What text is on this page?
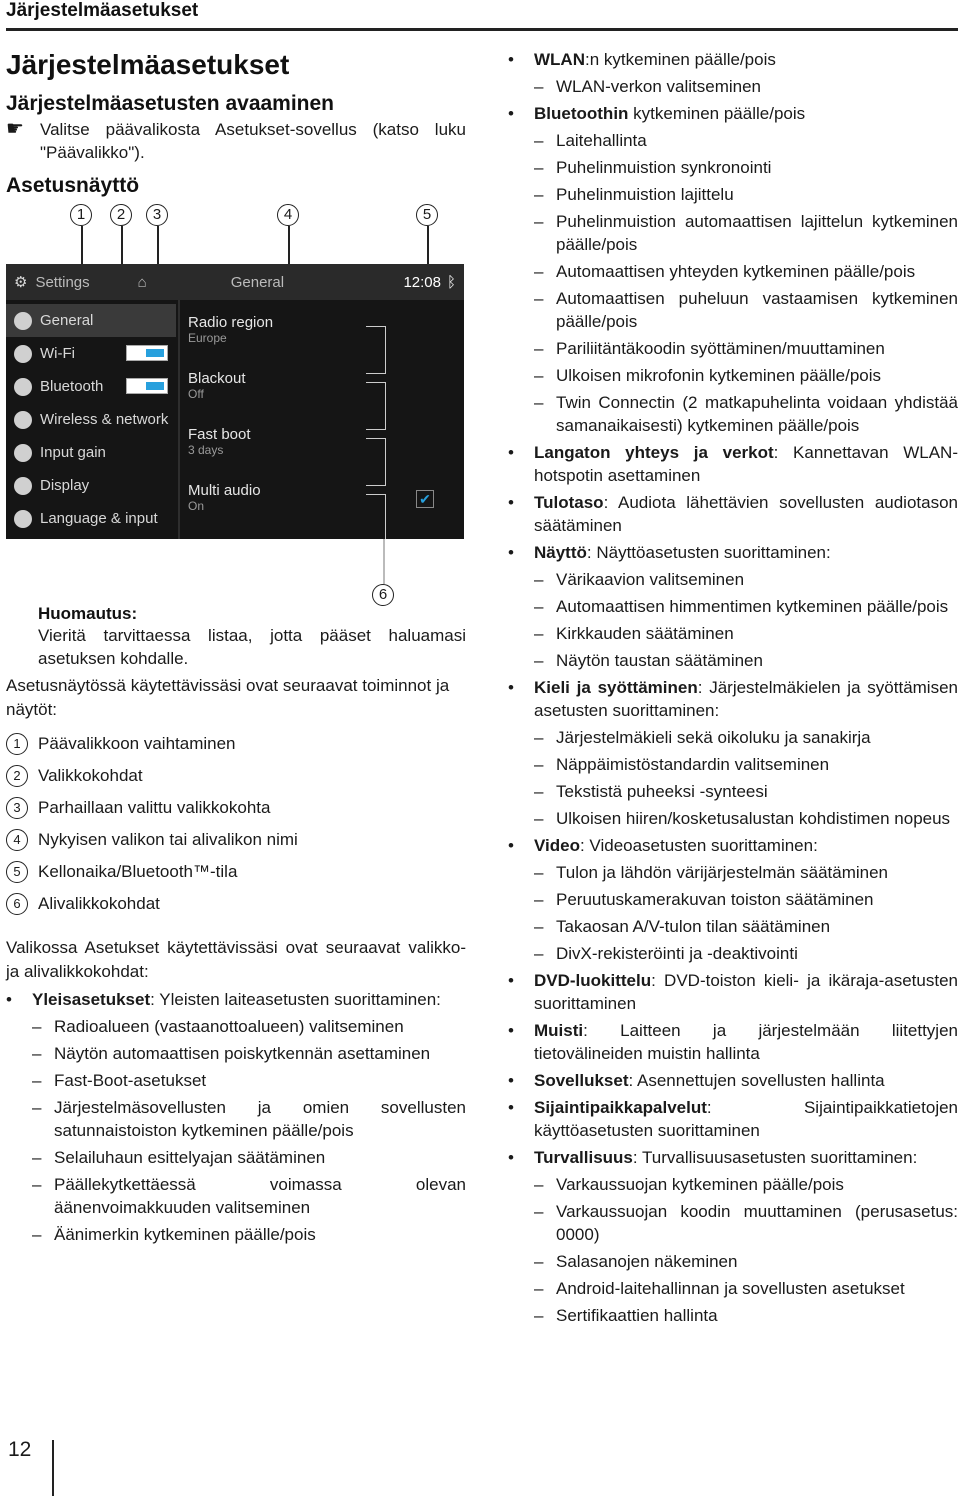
Järjestelmäasetukset
Järjestelmäasetukset
Järjestelmäasetusten avaaminen
☛ Valitse päävalikosta Asetukset-sovellus (katso luku "Päävalikko").
Asetusnäyttö
1	2	3	4	5
6
⚙ Settings	⌂	General	12:08 ᛒ
General
Wi-Fi
Bluetooth
Wireless & network
Input gain
Display
Language & input
Radio region
Europe
Blackout
Off
Fast boot
3 days
Multi audio
On	✔
Huomautus:
Vieritä tarvittaessa listaa, jotta pääset haluamasi asetuksen kohdalle.
Asetusnäytössä käytettävissäsi ovat seuraavat toiminnot ja näytöt:
1	Päävalikkoon vaihtaminen
2	Valikkokohdat
3	Parhaillaan valittu valikkokohta
4	Nykyisen valikon tai alivalikon nimi
5	Kellonaika/Bluetooth™-tila
6	Alivalikkokohdat
Valikossa Asetukset käytettävissäsi ovat seuraavat valikko- ja alivalikkokohdat:
•	Yleisasetukset: Yleisten laiteasetusten suorittaminen:
– Radioalueen (vastaanottoalueen) valitseminen
– Näytön automaattisen poiskytkennän asettaminen
– Fast-Boot-asetukset
– Järjestelmäsovellusten ja omien sovellusten satunnaistoiston kytkeminen päälle/pois
– Selailuhaun esittelyajan säätäminen
– Päällekytkettäessä voimassa olevan äänenvoimakkuuden valitseminen
– Äänimerkin kytkeminen päälle/pois
•	WLAN:n kytkeminen päälle/pois
– WLAN-verkon valitseminen
•	Bluetoothin kytkeminen päälle/pois
– Laitehallinta
– Puhelinmuistion synkronointi
– Puhelinmuistion lajittelu
– Puhelinmuistion automaattisen lajittelun kytkeminen päälle/pois
– Automaattisen yhteyden kytkeminen päälle/pois
– Automaattisen puheluun vastaamisen kytkeminen päälle/pois
– Pariliitäntäkoodin syöttäminen/muuttaminen
– Ulkoisen mikrofonin kytkeminen päälle/pois
– Twin Connectin (2 matkapuhelinta voidaan yhdistää samanaikaisesti) kytkeminen päälle/pois
•	Langaton yhteys ja verkot: Kannettavan WLAN-hotspotin asettaminen
•	Tulotaso: Audiota lähettävien sovellusten audiotason säätäminen
•	Näyttö: Näyttöasetusten suorittaminen:
– Värikaavion valitseminen
– Automaattisen himmentimen kytkeminen päälle/pois
– Kirkkauden säätäminen
– Näytön taustan säätäminen
•	Kieli ja syöttäminen: Järjestelmäkielen ja syöttämisen asetusten suorittaminen:
– Järjestelmäkieli sekä oikoluku ja sanakirja
– Näppäimistöstandardin valitseminen
– Tekstistä puheeksi -synteesi
– Ulkoisen hiiren/kosketusalustan kohdistimen nopeus
•	Video: Videoasetusten suorittaminen:
– Tulon ja lähdön värijärjestelmän säätäminen
– Peruutuskamerakuvan toiston säätäminen
– Takaosan A/V-tulon tilan säätäminen
– DivX-rekisteröinti ja -deaktivointi
•	DVD-luokittelu: DVD-toiston kieli- ja ikäraja-asetusten suorittaminen
•	Muisti: Laitteen ja järjestelmään liitettyjen tietovälineiden muistin hallinta
•	Sovellukset: Asennettujen sovellusten hallinta
•	Sijaintipaikkapalvelut: Sijaintipaikkatietojen käyttöasetusten suorittaminen
•	Turvallisuus: Turvallisuusasetusten suorittaminen:
– Varkaussuojan kytkeminen päälle/pois
– Varkaussuojan koodin muuttaminen (perusasetus: 0000)
– Salasanojen näkeminen
– Android-laitehallinnan ja sovellusten asetukset
– Sertifikaattien hallinta
12
